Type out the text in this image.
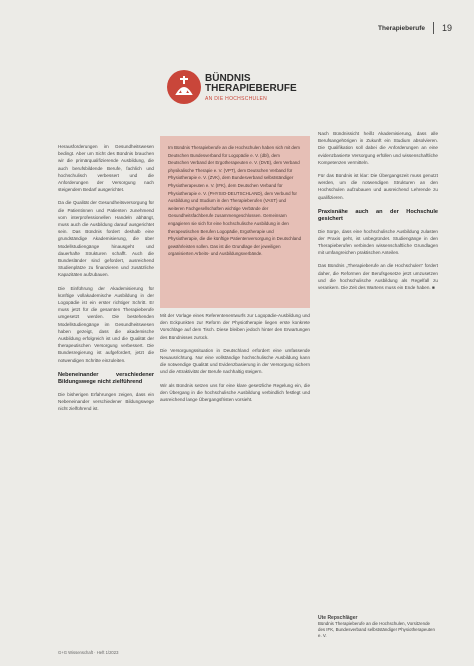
Therapieberufe 19
BÜNDNIS
THERAPIEBERUFE
AN DIE HOCHSCHULEN

Im Bündnis Therapieberufe an die Hochschulen haben sich mit dem Deutschen Bundesverband für Logopädie e. V. (dbl), dem Deutschen Verband der Ergotherapeuten e. V. (DVE), dem Verband physikalische Therapie e. V. (VPT), dem Deutschen Verband für Physiotherapie e. V. (ZVK), dem Bundesverband selbstständiger Physiotherapeuten e. V. (IFK), dem Deutschen Verband für Physiotherapie e. V. (PHYSIO-DEUTSCHLAND), dem Verbund für Ausbildung und Studium in den Therapieberufen (VAST) und weiteren Fachgesellschaften wichtige Verbände der Gesundheitsfachberufe zusammengeschlossen. Gemeinsam engagieren sie sich für eine hochschulische Ausbildung in den therapeutischen Berufen Logopädie, Ergotherapie und Physiotherapie, die die künftige Patientenversorgung in Deutschland gewährleisten sollen. Das ist die Grundlage der jeweiligen organisierten Arbeits- und Ausbildungsverbände.

Herausforderungen im Gesundheitswesen bedingt. Aber um Sicht des Bündnis brauchen wir die primärqualifizierende Ausbildung, die auch berufsbildende Berufe, fachlich und hochschulisch verbessert und die Anforderungen der Versorgung nach steigendem Bedarf ausgerichtet.

Da die Qualität der Gesundheitsversorgung für die Patientinnen und Patienten zunehmend vom interprofessionellen Handeln abhängt, muss auch die Ausbildung darauf ausgerichtet sein. Das Bündnis fordert deshalb eine grundständige Akademisierung, die über Modellstudiengänge hinausgeht und dauerhafte Strukturen schafft. Auch die Bundesländer sind gefordert, ausreichend Studienplätze zu finanzieren und zusätzliche Kapazitäten aufzubauen.

Die Einführung der Akademisierung für künftige vollakademische Ausbildung in der Logopädie ist ein erster richtiger Schritt. Er muss jetzt für die gesamten Therapieberufe umgesetzt werden. Die bestehenden Modellstudiengänge im Gesundheitswesen haben gezeigt, dass die akademische Ausbildung erfolgreich ist und die Qualität der therapeutischen Versorgung verbessert. Die Bundesregierung ist aufgefordert, jetzt die notwendigen Schritte einzuleiten.

Nebeneinander verschiedener Bildungswege nicht zielführend

Die bisherigen Erfahrungen zeigen, dass ein Nebeneinander verschiedener Bildungswege nicht zielführend ist.

Mit der Vorlage eines Referentenentwurfs zur Logopädie-Ausbildung und den Eckpunkten zur Reform der Physiotherapie liegen erste konkrete Vorschläge auf dem Tisch. Diese bleiben jedoch hinter den Erwartungen des Bündnisses zurück.

Die Versorgungssituation in Deutschland erfordert eine umfassende Neuausrichtung. Nur eine vollständige hochschulische Ausbildung kann die notwendige Qualität und Evidenzbasierung in der Versorgung sichern und die Attraktivität der Berufe nachhaltig steigern.

Wir als Bündnis setzen uns für eine klare gesetzliche Regelung ein, die den Übergang in die hochschulische Ausbildung verbindlich festlegt und ausreichend lange Übergangsfristen vorsieht.

Nach Bündnissicht heißt Akademisierung, dass alle Berufsangehörigen in Zukunft ein Studium absolvieren. Die Qualifikation soll dabei die Anforderungen an eine evidenzbasierte Versorgung erfüllen und wissenschaftliche Kompetenzen vermitteln.

Für das Bündnis ist klar: Die Übergangszeit muss genutzt werden, um die notwendigen Strukturen an den Hochschulen aufzubauen und ausreichend Lehrende zu qualifizieren.

Praxisnähe auch an der Hochschule gesichert

Die Sorge, dass eine hochschulische Ausbildung zulasten der Praxis geht, ist unbegründet. Studiengänge in den Therapieberufen verbinden wissenschaftliche Grundlagen mit umfangreichen praktischen Anteilen.

Das Bündnis „Therapieberufe an die Hochschulen“ fordert daher, die Reformen der Berufsgesetze jetzt umzusetzen und die hochschulische Ausbildung als Regelfall zu verankern. Die Zeit des Wartens muss ein Ende haben. ■

Ute Repschläger
Bündnis Therapieberufe an die Hochschulen, Vorsitzende des IFK, Bundesverband selbstständiger Physiotherapeuten e. V.
G+G Wissenschaft · Heft 1/2023
